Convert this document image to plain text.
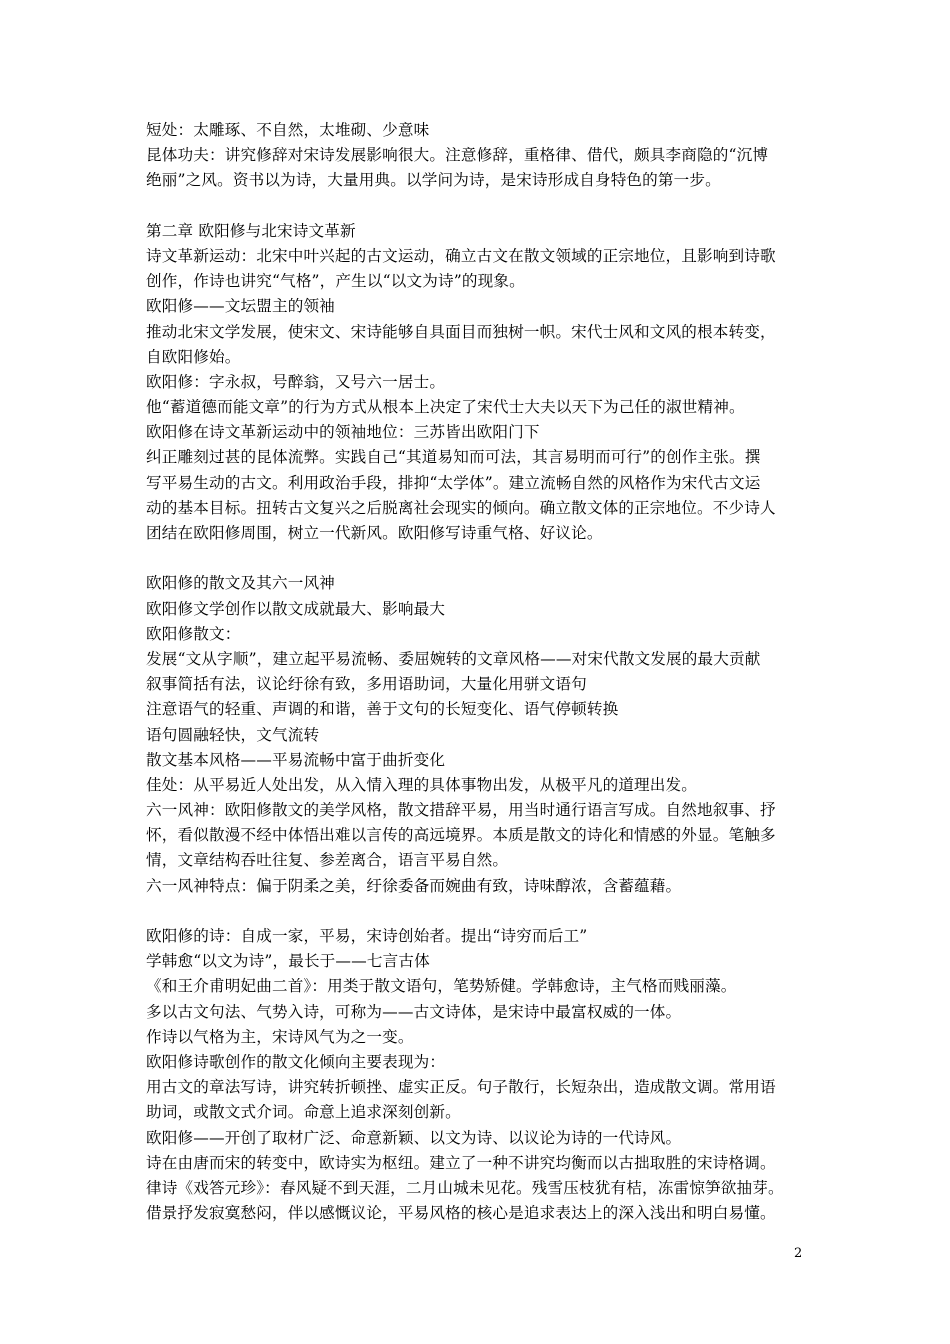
短处：太雕琢、不自然，太堆砌、少意味
昆体功夫：讲究修辞对宋诗发展影响很大。注意修辞，重格律、借代，颇具李商隐的“沉博
绝丽”之风。资书以为诗，大量用典。以学问为诗，是宋诗形成自身特色的第一步。
第二章 欧阳修与北宋诗文革新
诗文革新运动：北宋中叶兴起的古文运动，确立古文在散文领域的正宗地位，且影响到诗歌
创作，作诗也讲究“气格”，产生以“以文为诗”的现象。
欧阳修——文坛盟主的领袖
推动北宋文学发展，使宋文、宋诗能够自具面目而独树一帜。宋代士风和文风的根本转变，
自欧阳修始。
欧阳修：字永叔，号醉翁，又号六一居士。
他“蓄道德而能文章”的行为方式从根本上决定了宋代士大夫以天下为己任的淑世精神。
欧阳修在诗文革新运动中的领袖地位：三苏皆出欧阳门下
纠正雕刻过甚的昆体流弊。实践自己“其道易知而可法，其言易明而可行”的创作主张。撰
写平易生动的古文。利用政治手段，排抑“太学体”。建立流畅自然的风格作为宋代古文运
动的基本目标。扭转古文复兴之后脱离社会现实的倾向。确立散文体的正宗地位。不少诗人
团结在欧阳修周围，树立一代新风。欧阳修写诗重气格、好议论。
欧阳修的散文及其六一风神
欧阳修文学创作以散文成就最大、影响最大
欧阳修散文：
发展“文从字顺”，建立起平易流畅、委屈婉转的文章风格——对宋代散文发展的最大贡献
叙事简括有法，议论纡徐有致，多用语助词，大量化用骈文语句
注意语气的轻重、声调的和谐，善于文句的长短变化、语气停顿转换
语句圆融轻快，文气流转
散文基本风格——平易流畅中富于曲折变化
佳处：从平易近人处出发，从入情入理的具体事物出发，从极平凡的道理出发。
六一风神：欧阳修散文的美学风格，散文措辞平易，用当时通行语言写成。自然地叙事、抒
怀，看似散漫不经中体悟出难以言传的高远境界。本质是散文的诗化和情感的外显。笔触多
情，文章结构吞吐往复、参差离合，语言平易自然。
六一风神特点：偏于阴柔之美，纡徐委备而婉曲有致，诗味醇浓，含蓄蕴藉。
欧阳修的诗：自成一家，平易，宋诗创始者。提出“诗穷而后工”
学韩愈“以文为诗”，最长于——七言古体
《和王介甫明妃曲二首》：用类于散文语句，笔势矫健。学韩愈诗，主气格而贱丽藻。
多以古文句法、气势入诗，可称为——古文诗体，是宋诗中最富权威的一体。
作诗以气格为主，宋诗风气为之一变。
欧阳修诗歌创作的散文化倾向主要表现为：
用古文的章法写诗，讲究转折顿挫、虚实正反。句子散行，长短杂出，造成散文调。常用语
助词，或散文式介词。命意上追求深刻创新。
欧阳修——开创了取材广泛、命意新颖、以文为诗、以议论为诗的一代诗风。
诗在由唐而宋的转变中，欧诗实为枢纽。建立了一种不讲究均衡而以古拙取胜的宋诗格调。
律诗《戏答元珍》：春风疑不到天涯，二月山城未见花。残雪压枝犹有桔，冻雷惊笋欲抽芽。
借景抒发寂寞愁闷，伴以感慨议论，平易风格的核心是追求表达上的深入浅出和明白易懂。
2
